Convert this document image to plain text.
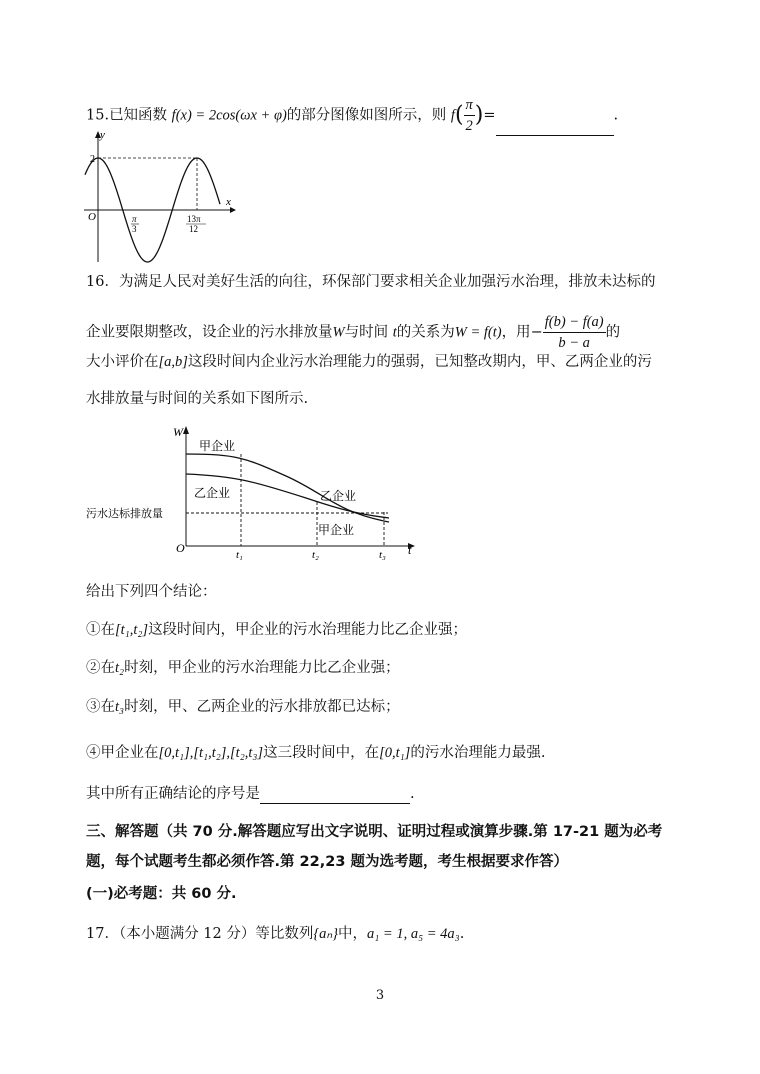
15.已知函数 f(x) = 2cos(ωx + φ)的部分图像如图所示，则 $f( \frac{\pi}{2}$ )=	.
y
x
O
2
π
3
13π
12
16．为满足人民对美好生活的向往，环保部门要求相关企业加强污水治理，排放未达标的
企业要限期整改，设企业的污水排放量W与时间 t的关系为W = f(t)，用− $\frac{f(b) - f(a)}{b - a}$ 的
大小评价在[a,b]这段时间内企业污水治理能力的强弱，已知整改期内，甲、乙两企业的污
水排放量与时间的关系如下图所示.
W
t
O
甲企业
乙企业	乙企业
甲企业
污水达标排放量
t₁	t₂	t₃
给出下列四个结论：
①在[t₁,t₂]这段时间内，甲企业的污水治理能力比乙企业强；
②在t₂时刻，甲企业的污水治理能力比乙企业强；
③在t₃时刻，甲、乙两企业的污水排放都已达标；
④甲企业在[0,t₁],[t₁,t₂],[t₂,t₃]这三段时间中，在[0,t₁]的污水治理能力最强.
其中所有正确结论的序号是	.
三、解答题（共 70 分.解答题应写出文字说明、证明过程或演算步骤.第 17-21 题为必考
题，每个试题考生都必须作答.第 22,23 题为选考题，考生根据要求作答）
(一)必考题：共 60 分.
17．（本小题满分 12 分）等比数列{aₙ}中，a₁ = 1, a₅ = 4a₃.
3
